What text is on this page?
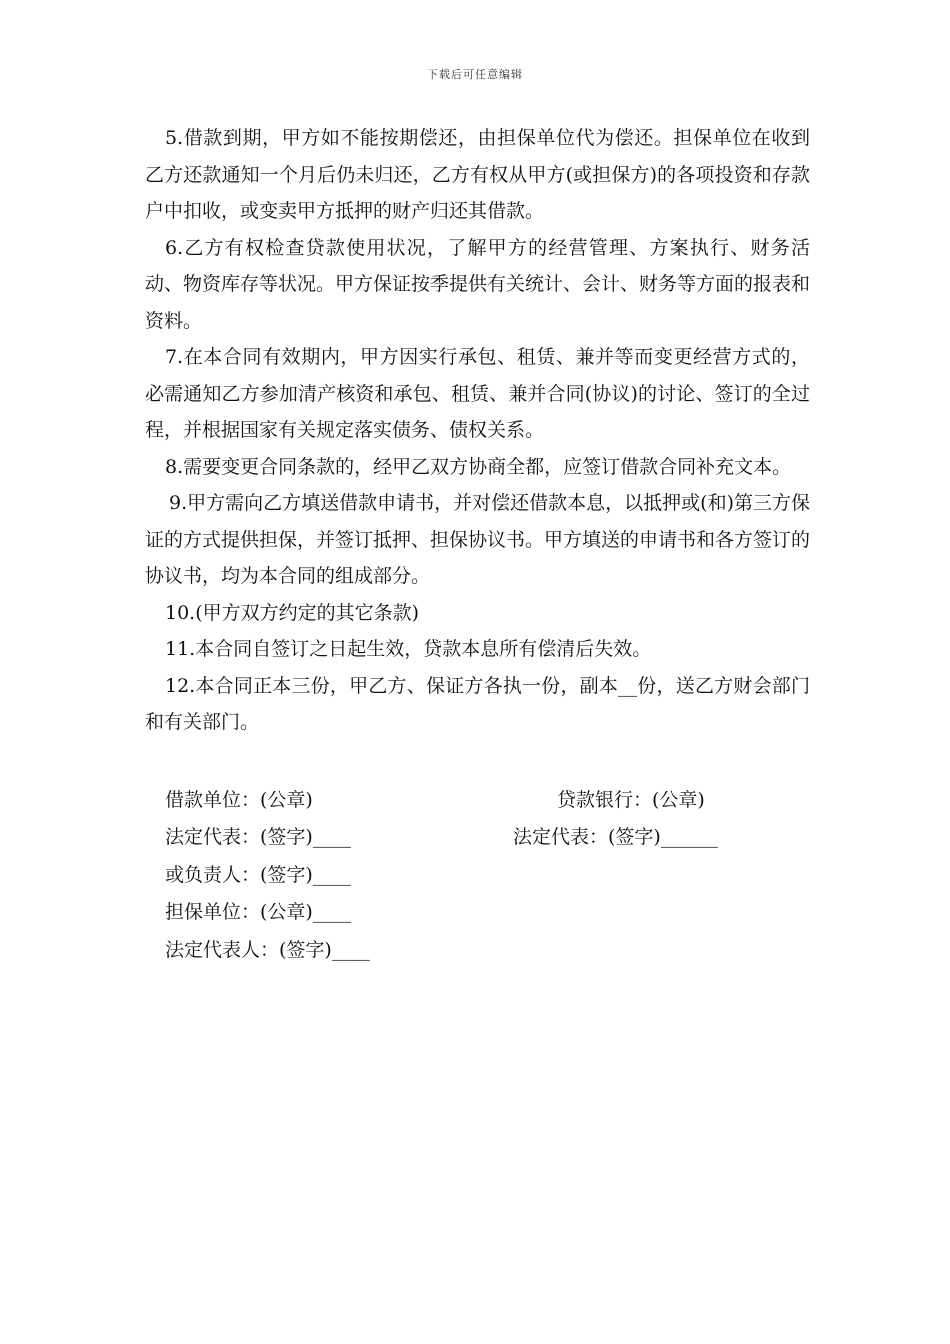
下载后可任意编辑

5.借款到期，甲方如不能按期偿还，由担保单位代为偿还。担保单位在收到乙方还款通知一个月后仍未归还，乙方有权从甲方(或担保方)的各项投资和存款户中扣收，或变卖甲方抵押的财产归还其借款。

6.乙方有权检查贷款使用状况，了解甲方的经营管理、方案执行、财务活动、物资库存等状况。甲方保证按季提供有关统计、会计、财务等方面的报表和资料。

7.在本合同有效期内，甲方因实行承包、租赁、兼并等而变更经营方式的，必需通知乙方参加清产核资和承包、租赁、兼并合同(协议)的讨论、签订的全过程，并根据国家有关规定落实债务、债权关系。

8.需要变更合同条款的，经甲乙双方协商全都，应签订借款合同补充文本。

9.甲方需向乙方填送借款申请书，并对偿还借款本息，以抵押或(和)第三方保证的方式提供担保，并签订抵押、担保协议书。甲方填送的申请书和各方签订的协议书，均为本合同的组成部分。

10.(甲方双方约定的其它条款)

11.本合同自签订之日起生效，贷款本息所有偿清后失效。

12.本合同正本三份，甲乙方、保证方各执一份，副本__份，送乙方财会部门和有关部门。

借款单位：(公章)	贷款银行：(公章)
法定代表：(签字)____	法定代表：(签字)______
或负责人：(签字)____
担保单位：(公章)____
法定代表人：(签字)____
